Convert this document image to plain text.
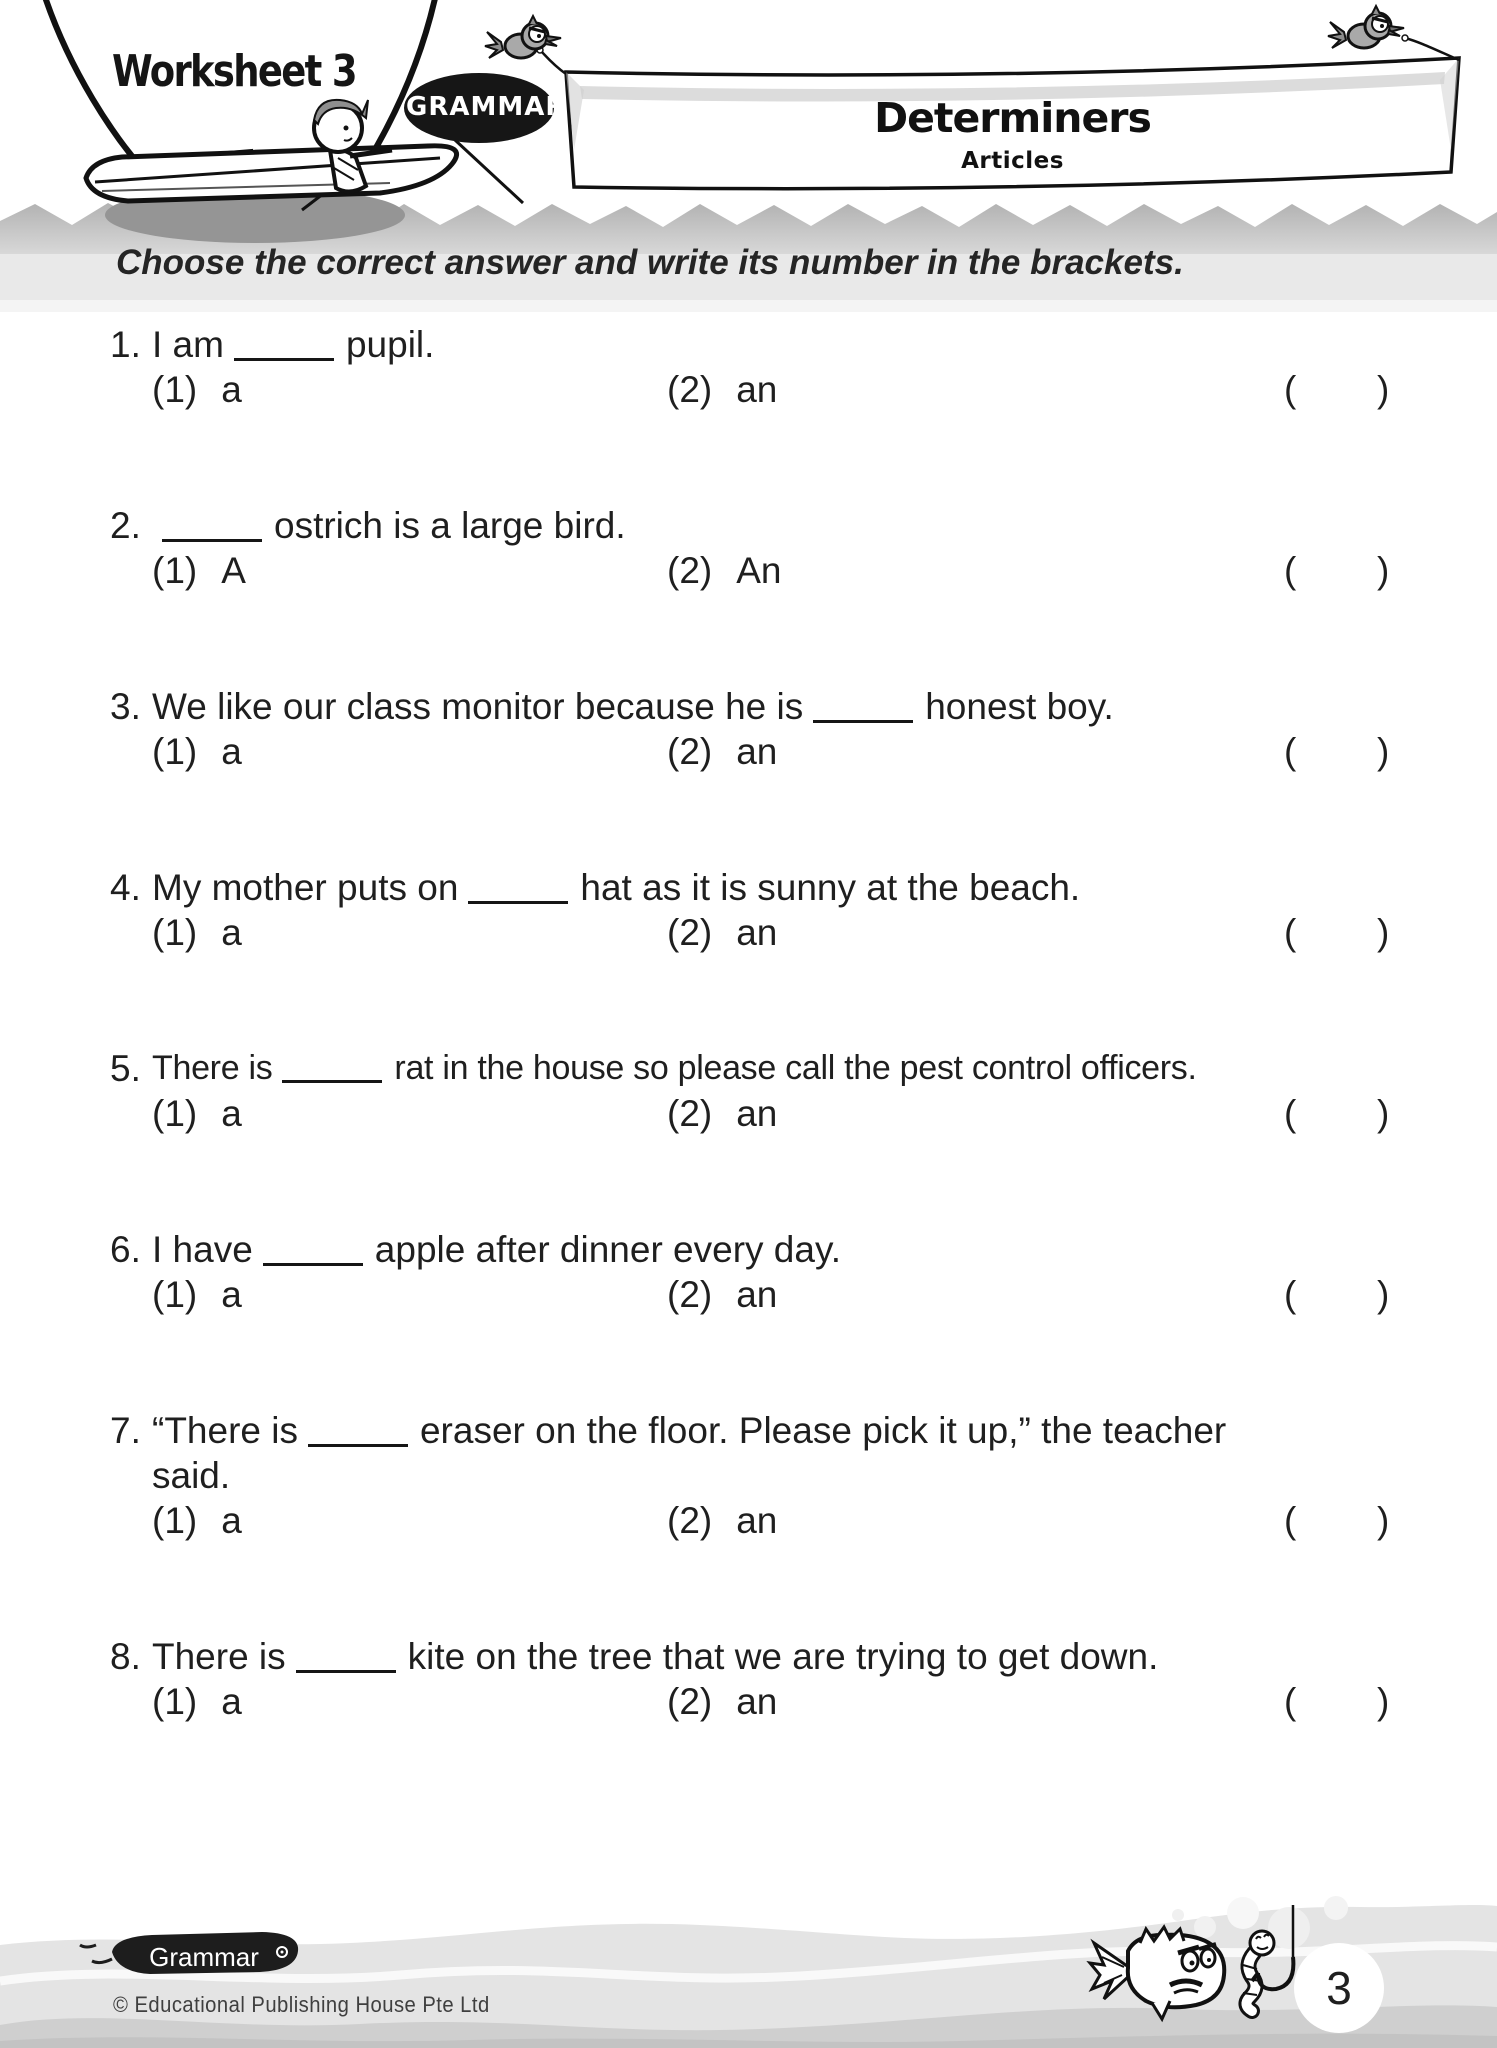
Worksheet 3
GRAMMAR	Determiners
Articles
Choose the correct answer and write its number in the brackets.
1. I am	pupil.
(1) a	(2) an	( )
2.	ostrich is a large bird.
(1) A	(2) An	( )
3. We like our class monitor because he is	honest boy.
(1) a	(2) an	( )
4. My mother puts on	hat as it is sunny at the beach.
(1) a	(2) an	( )
5. There is	rat in the house so please call the pest control officers.
(1) a	(2) an	( )
6. I have	apple after dinner every day.
(1) a	(2) an	( )
7. “There is	eraser on the floor. Please pick it up,” the teacher
said.
(1) a	(2) an	( )
8. There is	kite on the tree that we are trying to get down.
(1) a	(2) an	( )
Grammar
© Educational Publishing House Pte Ltd	3
